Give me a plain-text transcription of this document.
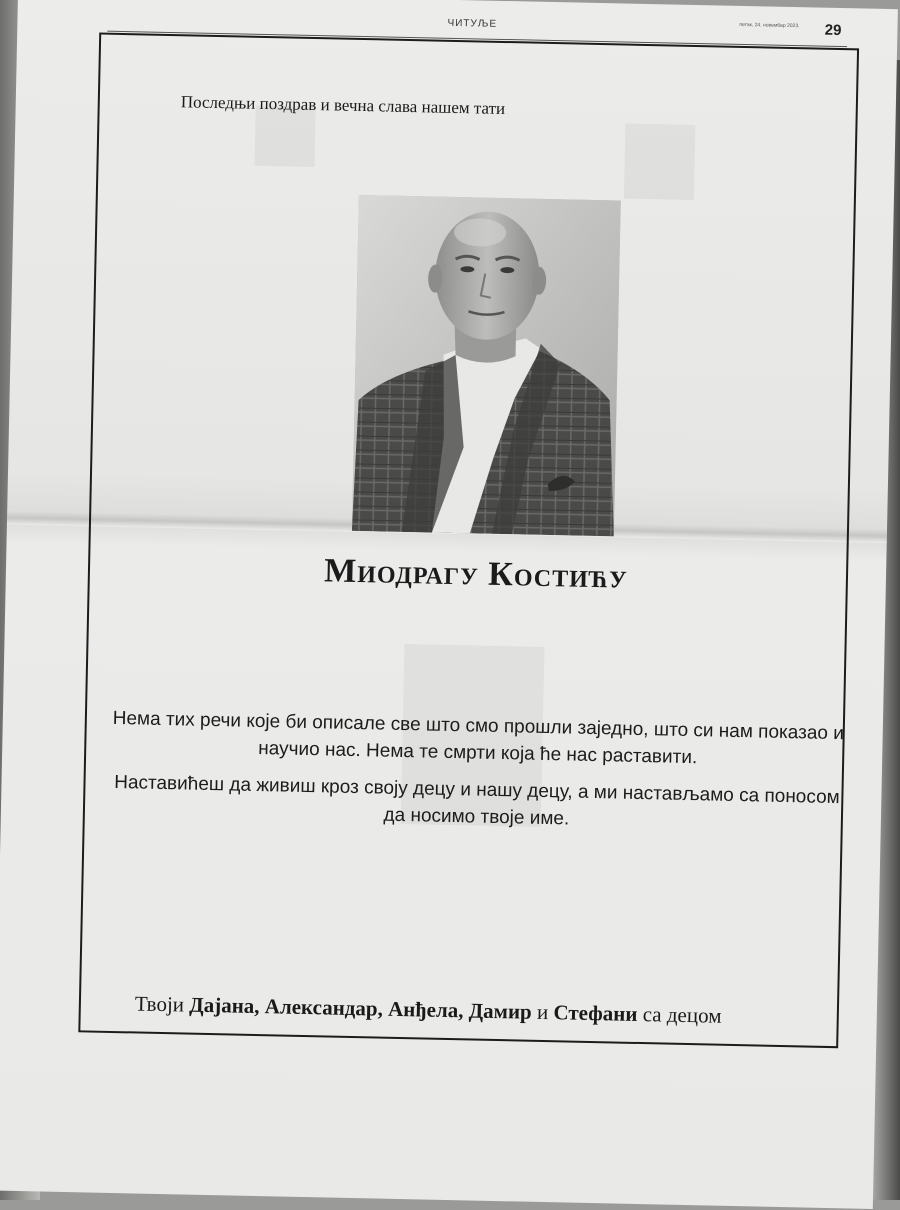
ЧИТУЉЕ	петак, 24. новембар 2023. 29
Последњи поздрав и вечна слава нашем тати
Миодрагу Костићу

Нема тих речи које би описале све што смо прошли заједно, што си нам показао и научио нас. Нема те смрти која ће нас раставити.

Наставићеш да живиш кроз своју децу и нашу децу, а ми настављамо са поносом да носимо твоје име.

Твоји Дајана, Александар, Анђела, Дамир и Стефани са децом
